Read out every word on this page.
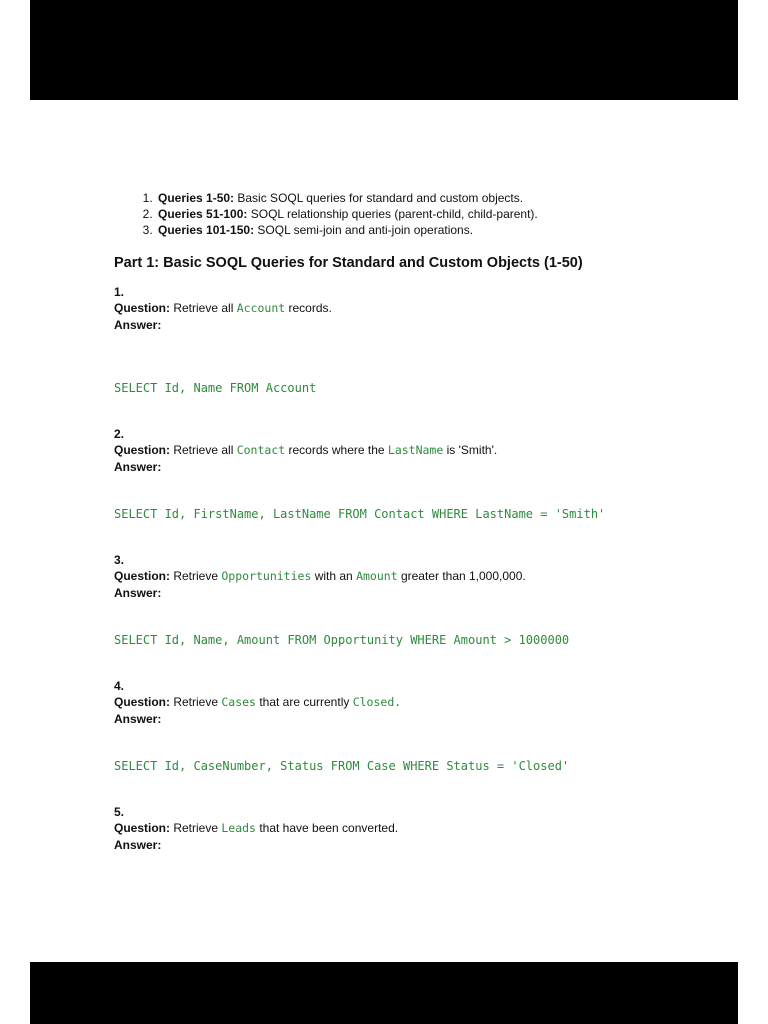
1. Queries 1-50: Basic SOQL queries for standard and custom objects.
2. Queries 51-100: SOQL relationship queries (parent-child, child-parent).
3. Queries 101-150: SOQL semi-join and anti-join operations.
Part 1: Basic SOQL Queries for Standard and Custom Objects (1-50)
1.
Question: Retrieve all Account records.
Answer:
SELECT Id, Name FROM Account
2.
Question: Retrieve all Contact records where the LastName is 'Smith'.
Answer:
SELECT Id, FirstName, LastName FROM Contact WHERE LastName = 'Smith'
3.
Question: Retrieve Opportunities with an Amount greater than 1,000,000.
Answer:
SELECT Id, Name, Amount FROM Opportunity WHERE Amount > 1000000
4.
Question: Retrieve Cases that are currently Closed.
Answer:
SELECT Id, CaseNumber, Status FROM Case WHERE Status = 'Closed'
5.
Question: Retrieve Leads that have been converted.
Answer:
